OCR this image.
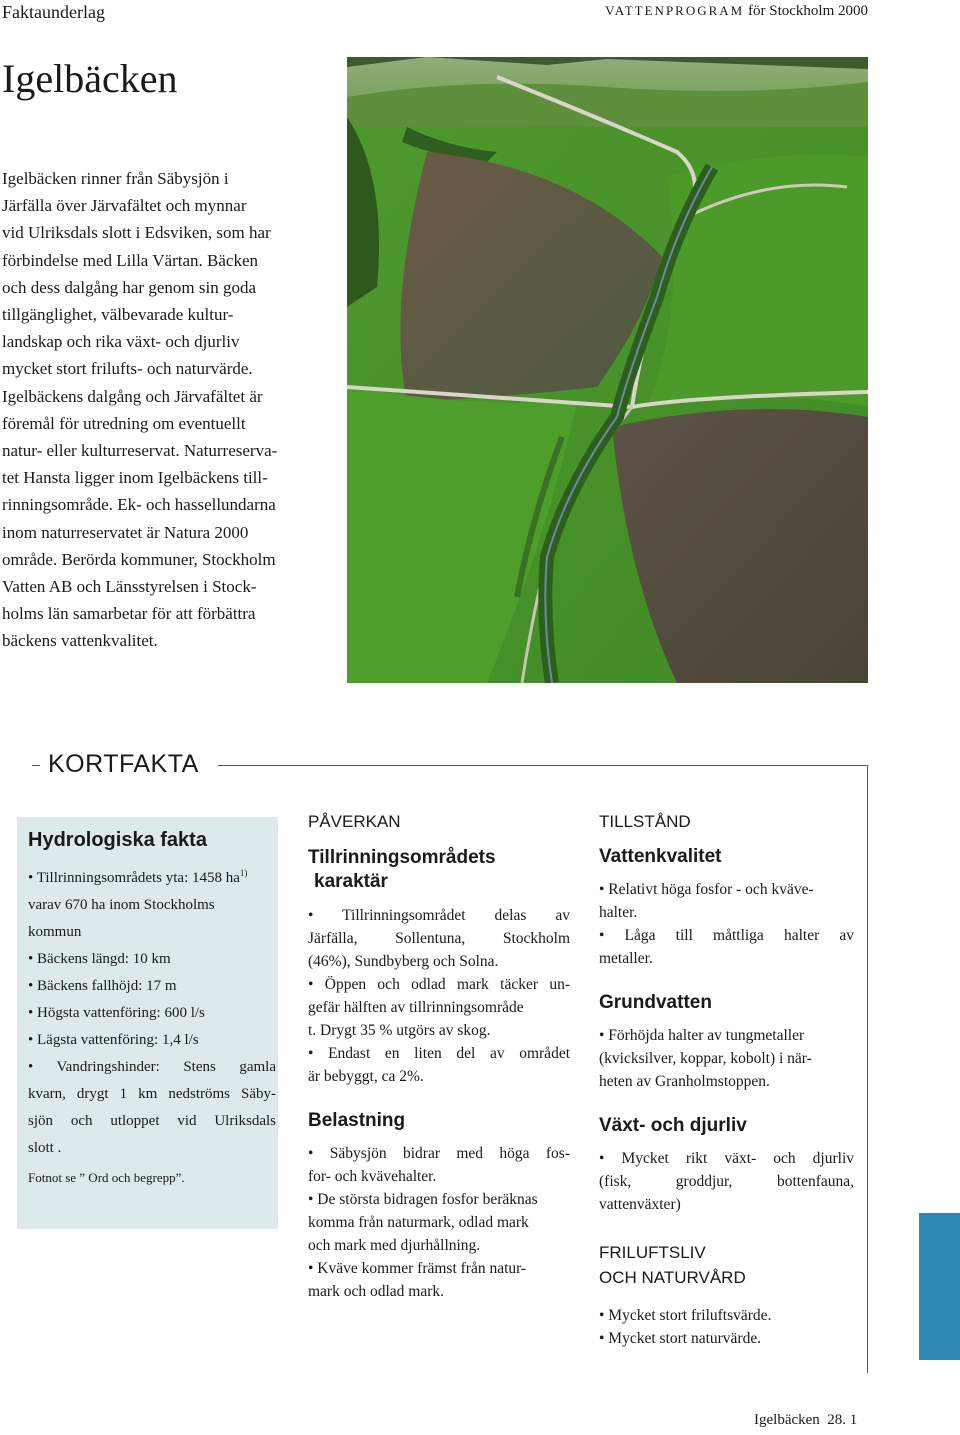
Faktaunderlag	VATTENPROGRAM för Stockholm 2000
Igelbäcken
Igelbäcken rinner från Säbysjön i
Järfälla över Järvafältet och mynnar
vid Ulriksdals slott i Edsviken, som har
förbindelse med Lilla Värtan. Bäcken
och dess dalgång har genom sin goda
tillgänglighet, välbevarade kultur-
landskap och rika växt- och djurliv
mycket stort frilufts- och naturvärde.
Igelbäckens dalgång och Järvafältet är
föremål för utredning om eventuellt
natur- eller kulturreservat. Naturreserva-
tet Hansta ligger inom Igelbäckens till-
rinningsområde. Ek- och hassellundarna
inom naturreservatet är Natura 2000
område. Berörda kommuner, Stockholm
Vatten AB och Länsstyrelsen i Stock-
holms län samarbetar för att förbättra
bäckens vattenkvalitet.
KORTFAKTA
Hydrologiska fakta
• Tillrinningsområdets yta: 1458 $ha^{1)}$
varav 670 ha inom Stockholms
kommun
• Bäckens längd: 10 km
• Bäckens fallhöjd: 17 m
• Högsta vattenföring: 600 l/s
• Lägsta vattenföring: 1,4 l/s
• Vandringshinder: Stens gamla
kvarn, drygt 1 km nedströms Säby-
sjön och utloppet vid Ulriksdals
slott .
Fotnot se ” Ord och begrepp”.
PÅVERKAN
Tillrinningsområdets
karaktär
• Tillrinningsområdet delas av
Järfälla, Sollentuna, Stockholm
(46%), Sundbyberg och Solna.
• Öppen och odlad mark täcker un-
gefär hälften av tillrinningsområde
t. Drygt 35 % utgörs av skog.
• Endast en liten del av området
är bebyggt, ca 2%.
Belastning
• Säbysjön bidrar med höga fos-
for- och kvävehalter.
• De största bidragen fosfor beräknas
komma från naturmark, odlad mark
och mark med djurhållning.
• Kväve kommer främst från natur-
mark och odlad mark.
TILLSTÅND
Vattenkvalitet
• Relativt höga fosfor - och kväve-
halter.
• Låga till måttliga halter av
metaller.
Grundvatten
• Förhöjda halter av tungmetaller
(kvicksilver, koppar, kobolt) i när-
heten av Granholmstoppen.
Växt- och djurliv
• Mycket rikt växt- och djurliv
(fisk, groddjur, bottenfauna,
vattenväxter)
FRILUFTSLIV
OCH NATURVÅRD
• Mycket stort friluftsvärde.
• Mycket stort naturvärde.
Igelbäcken  28. 1
